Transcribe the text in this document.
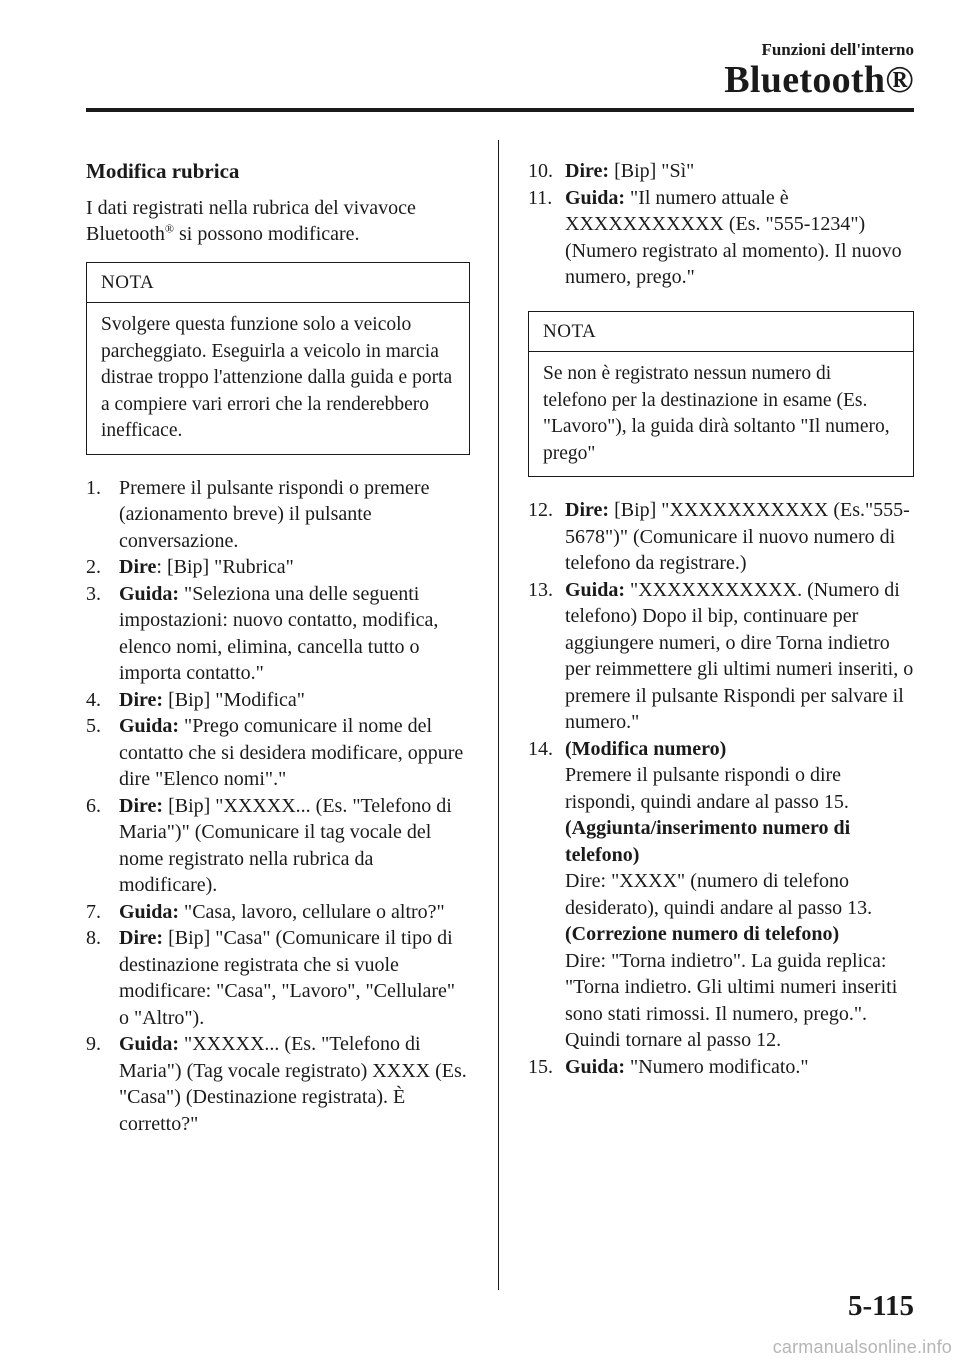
Funzioni dell'interno
Bluetooth®
Modifica rubrica

I dati registrati nella rubrica del vivavoce Bluetooth® si possono modificare.

NOTA
Svolgere questa funzione solo a veicolo parcheggiato. Eseguirla a veicolo in marcia distrae troppo l'attenzione dalla guida e porta a compiere vari errori che la renderebbero inefficace.
1. Premere il pulsante rispondi o premere (azionamento breve) il pulsante conversazione.
2. Dire: [Bip] "Rubrica"
3. Guida: "Seleziona una delle seguenti impostazioni: nuovo contatto, modifica, elenco nomi, elimina, cancella tutto o importa contatto."
4. Dire: [Bip] "Modifica"
5. Guida: "Prego comunicare il nome del contatto che si desidera modificare, oppure dire "Elenco nomi"."
6. Dire: [Bip] "XXXXX... (Es. "Telefono di Maria")" (Comunicare il tag vocale del nome registrato nella rubrica da modificare).
7. Guida: "Casa, lavoro, cellulare o altro?"
8. Dire: [Bip] "Casa" (Comunicare il tipo di destinazione registrata che si vuole modificare: "Casa", "Lavoro", "Cellulare" o "Altro").
9. Guida: "XXXXX... (Es. "Telefono di Maria") (Tag vocale registrato) XXXX (Es. "Casa") (Destinazione registrata). È corretto?"
10. Dire: [Bip] "Sì"
11. Guida: "Il numero attuale è XXXXXXXXXXX (Es. "555-1234") (Numero registrato al momento). Il nuovo numero, prego."
NOTA
Se non è registrato nessun numero di telefono per la destinazione in esame (Es. "Lavoro"), la guida dirà soltanto "Il numero, prego"
12. Dire: [Bip] "XXXXXXXXXXX (Es."555-5678")" (Comunicare il nuovo numero di telefono da registrare.)
13. Guida: "XXXXXXXXXXX. (Numero di telefono) Dopo il bip, continuare per aggiungere numeri, o dire Torna indietro per reimmettere gli ultimi numeri inseriti, o premere il pulsante Rispondi per salvare il numero."
14. (Modifica numero)
Premere il pulsante rispondi o dire rispondi, quindi andare al passo 15.
(Aggiunta/inserimento numero di telefono)
Dire: "XXXX" (numero di telefono desiderato), quindi andare al passo 13.
(Correzione numero di telefono)
Dire: "Torna indietro". La guida replica: "Torna indietro. Gli ultimi numeri inseriti sono stati rimossi. Il numero, prego.". Quindi tornare al passo 12.
15. Guida: "Numero modificato."
5-115
carmanualsonline.info
